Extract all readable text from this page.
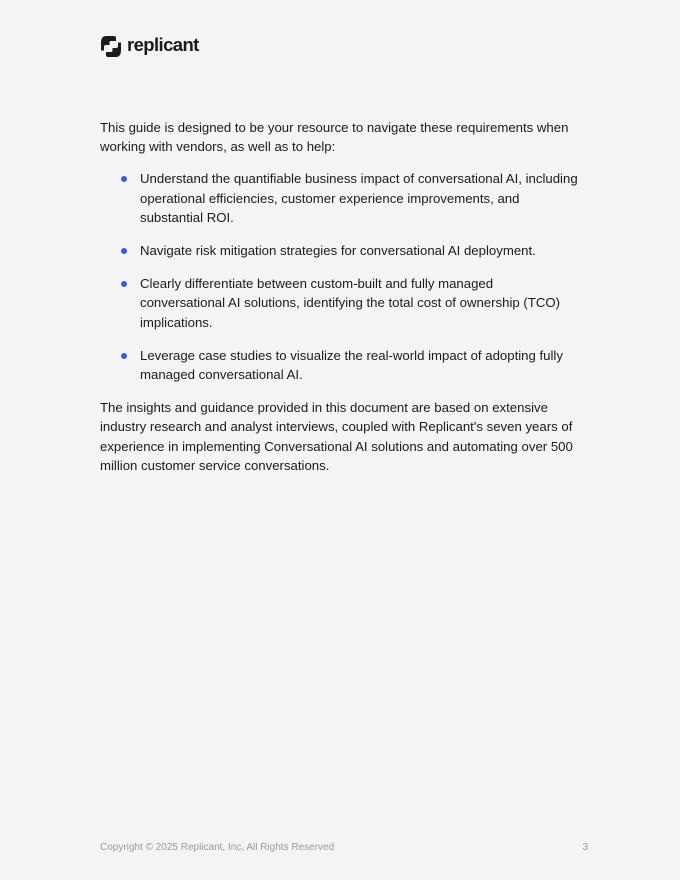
replicant

This guide is designed to be your resource to navigate these requirements when working with vendors, as well as to help:

Understand the quantifiable business impact of conversational AI, including operational efficiencies, customer experience improvements, and substantial ROI.
Navigate risk mitigation strategies for conversational AI deployment.
Clearly differentiate between custom-built and fully managed conversational AI solutions, identifying the total cost of ownership (TCO) implications.
Leverage case studies to visualize the real-world impact of adopting fully managed conversational AI.

The insights and guidance provided in this document are based on extensive industry research and analyst interviews, coupled with Replicant's seven years of experience in implementing Conversational AI solutions and automating over 500 million customer service conversations.

Copyright © 2025 Replicant, Inc, All Rights Reserved	3
